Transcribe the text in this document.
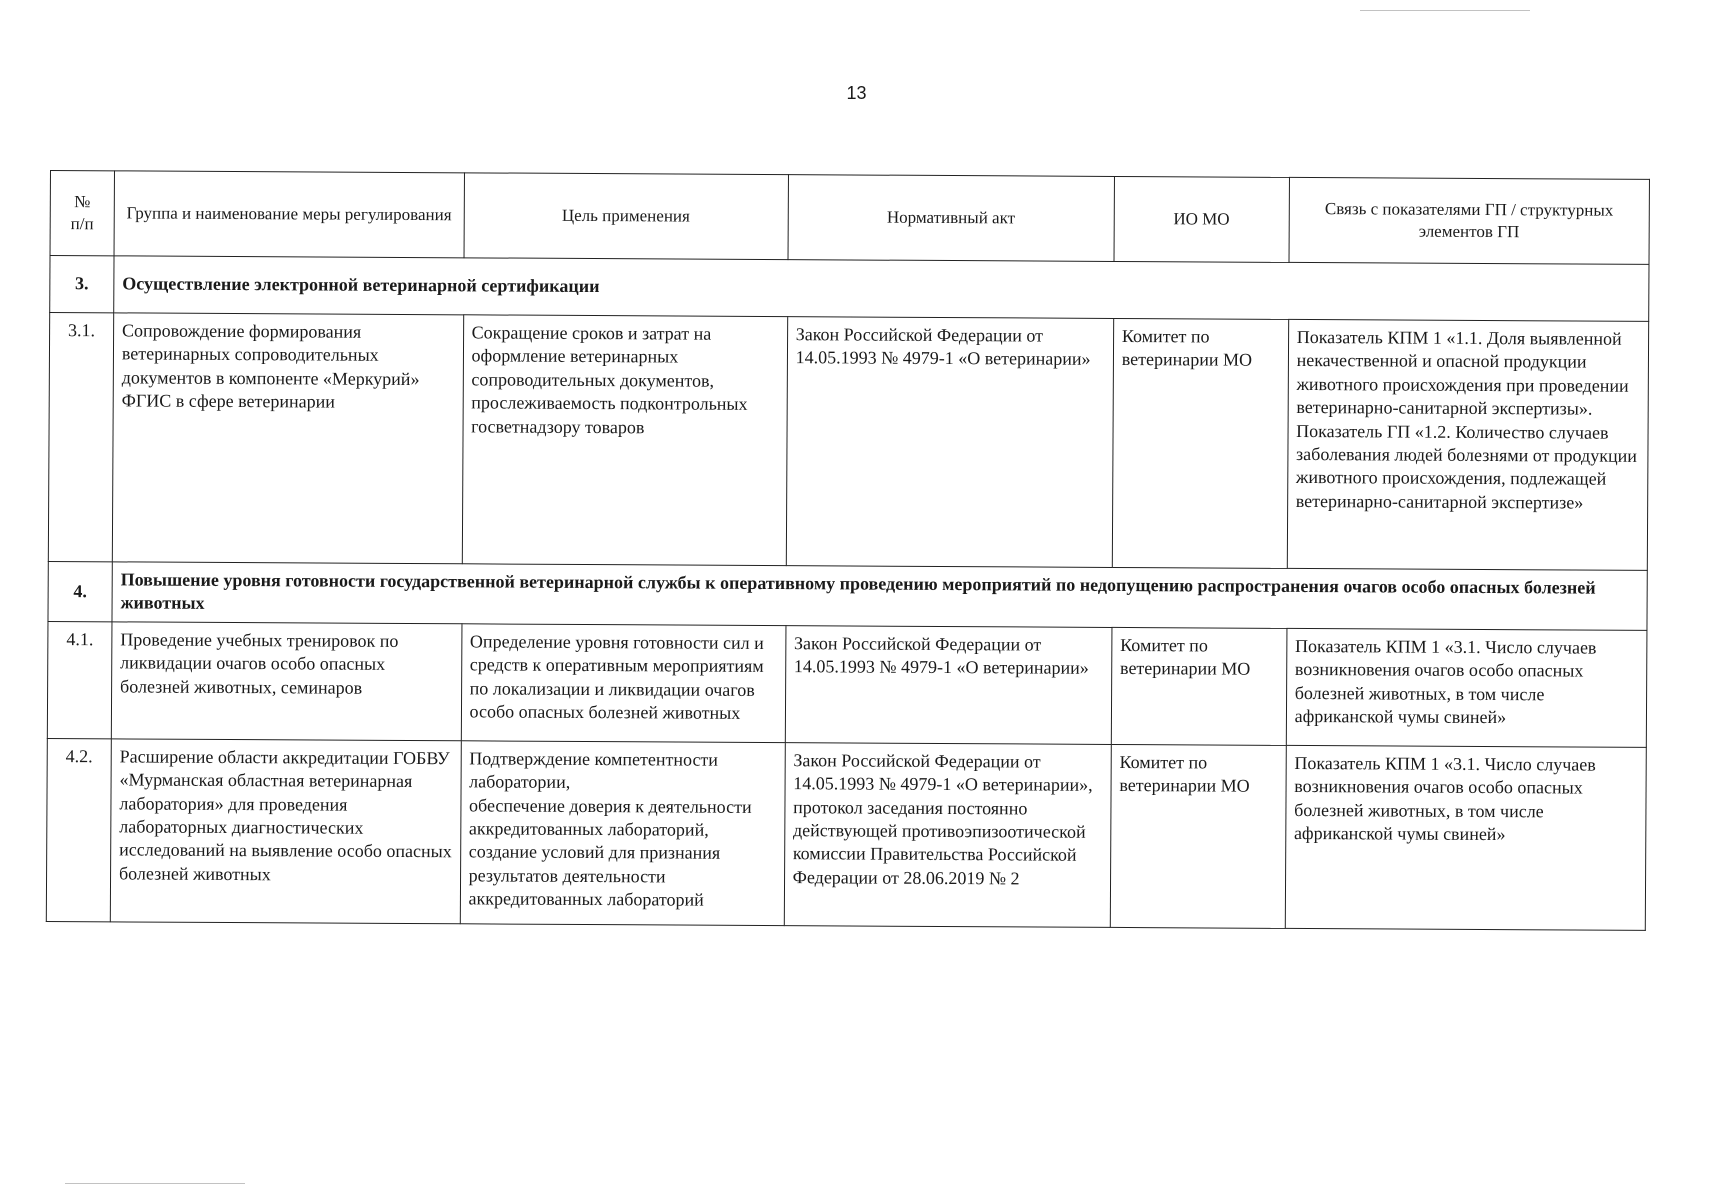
13
№
п/п	Группа и наименование меры регулирования	Цель применения	Нормативный акт	ИО МО	Связь с показателями ГП / структурных элементов ГП
3.	Осуществление электронной ветеринарной сертификации				
3.1.	Сопровождение формирования ветеринарных сопроводительных документов в компоненте «Меркурий» ФГИС в сфере ветеринарии	Сокращение сроков и затрат на оформление ветеринарных сопроводительных документов, прослеживаемость подконтрольных госветнадзору товаров	Закон Российской Федерации от 14.05.1993 № 4979-1 «О ветеринарии»	Комитет по ветеринарии МО	Показатель КПМ 1 «1.1. Доля выявленной некачественной и опасной продукции животного происхождения при проведении ветеринарно-санитарной экспертизы».
Показатель ГП «1.2. Количество случаев заболевания людей болезнями от продукции животного происхождения, подлежащей ветеринарно-санитарной экспертизе»
4.	Повышение уровня готовности государственной ветеринарной службы к оперативному проведению мероприятий по недопущению распространения очагов особо опасных болезней животных				
4.1.	Проведение учебных тренировок по ликвидации очагов особо опасных болезней животных, семинаров	Определение уровня готовности сил и средств к оперативным мероприятиям по локализации и ликвидации очагов особо опасных болезней животных	Закон Российской Федерации от 14.05.1993 № 4979-1 «О ветеринарии»	Комитет по ветеринарии МО	Показатель КПМ 1 «3.1. Число случаев возникновения очагов особо опасных болезней животных, в том числе африканской чумы свиней»
4.2.	Расширение области аккредитации ГОБВУ «Мурманская областная ветеринарная лаборатория» для проведения лабораторных диагностических исследований на выявление особо опасных болезней животных	Подтверждение компетентности лаборатории,
обеспечение доверия к деятельности аккредитованных лабораторий,
создание условий для признания результатов деятельности аккредитованных лабораторий	Закон Российской Федерации от 14.05.1993 № 4979-1 «О ветеринарии»,
протокол заседания постоянно действующей противоэпизоотической комиссии Правительства Российской Федерации от 28.06.2019 № 2	Комитет по ветеринарии МО	Показатель КПМ 1 «3.1. Число случаев возникновения очагов особо опасных болезней животных, в том числе африканской чумы свиней»
